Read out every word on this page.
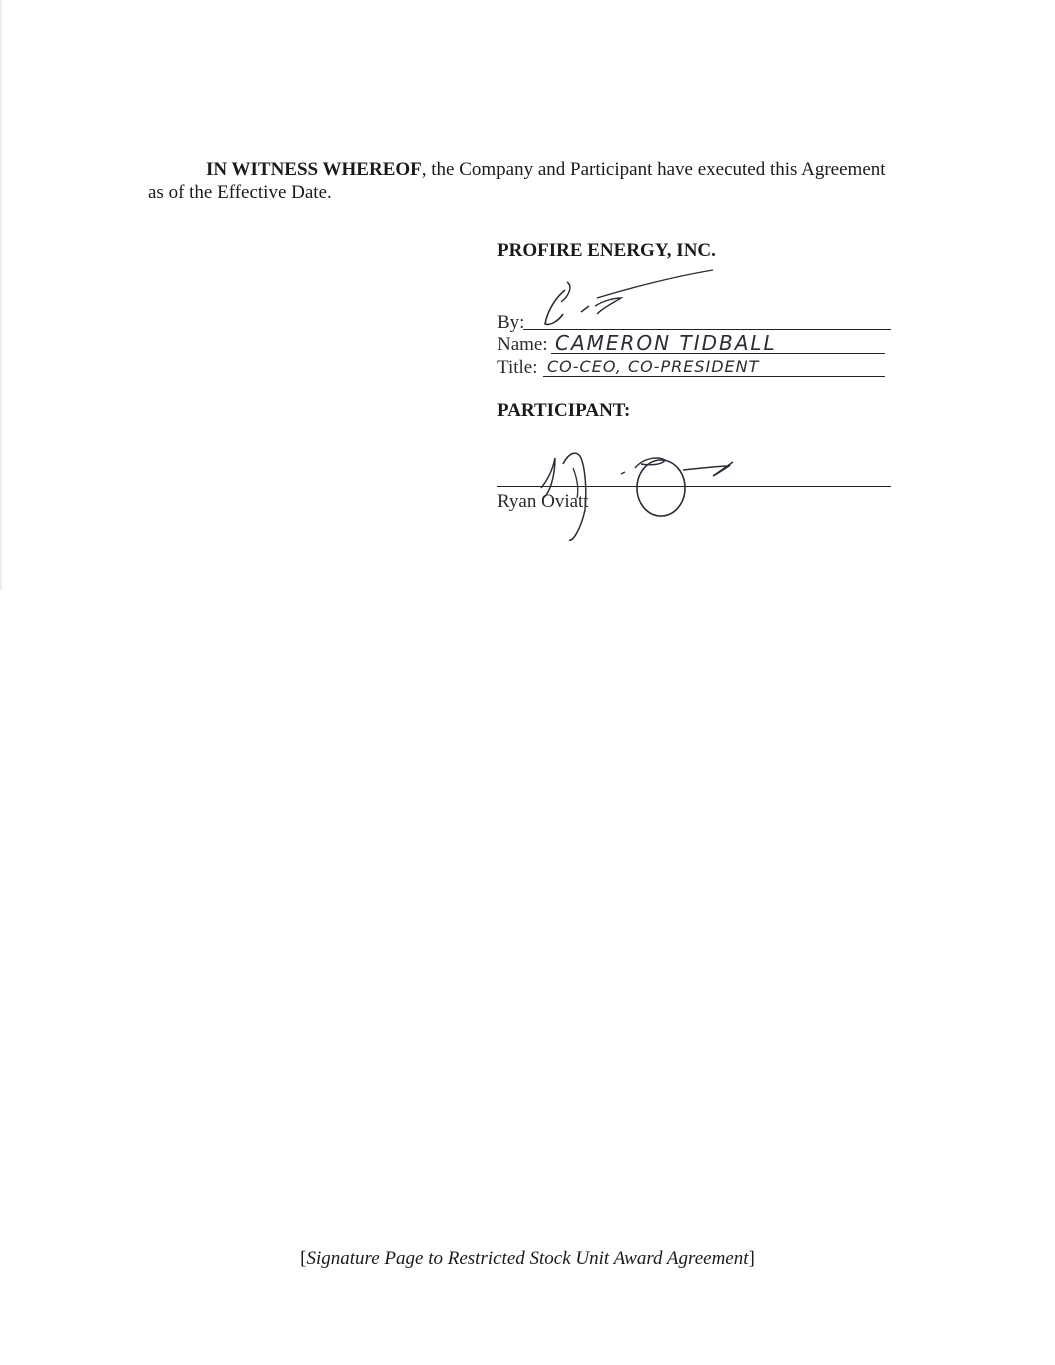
IN WITNESS WHEREOF, the Company and Participant have executed this Agreement
as of the Effective Date.
PROFIRE ENERGY, INC.
By:
Name: CAMERON TIDBALL
Title: CO-CEO, CO-PRESIDENT
PARTICIPANT:
Ryan Oviatt
[Signature Page to Restricted Stock Unit Award Agreement]
